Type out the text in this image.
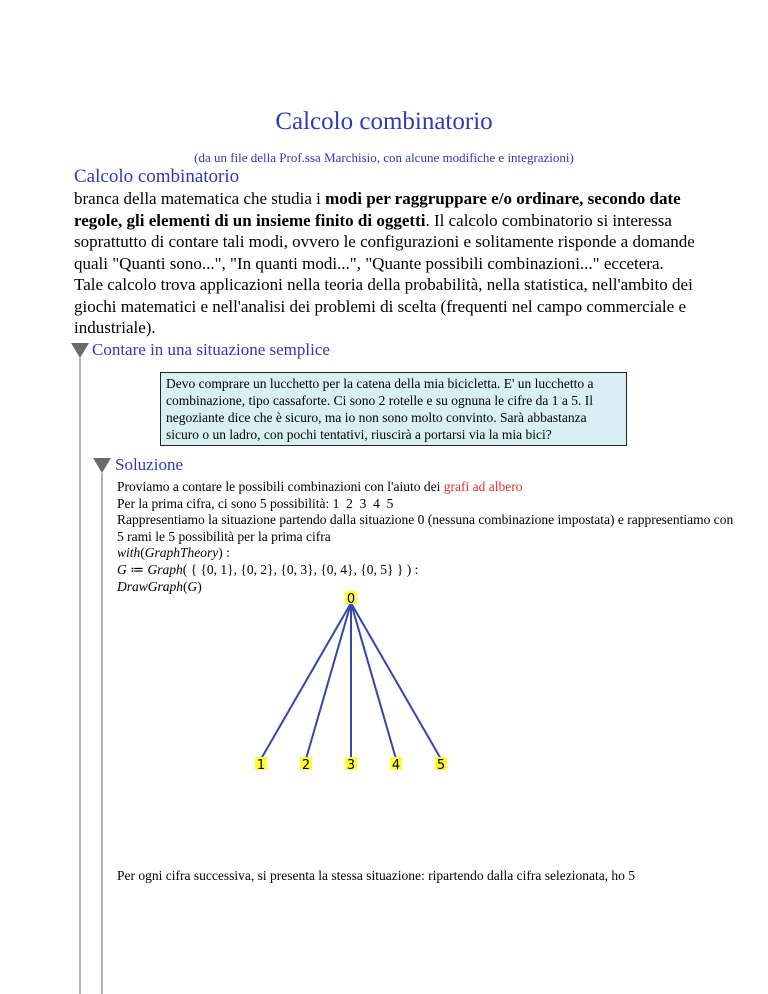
Calcolo combinatorio
(da un file della Prof.ssa Marchisio, con alcune modifiche e integrazioni)
Calcolo combinatorio
branca della matematica che studia i modi per raggruppare e/o ordinare, secondo date regole, gli elementi di un insieme finito di oggetti. Il calcolo combinatorio si interessa soprattutto di contare tali modi, ovvero le configurazioni e solitamente risponde a domande quali "Quanti sono...", "In quanti modi...", "Quante possibili combinazioni..." eccetera.
Tale calcolo trova applicazioni nella teoria della probabilità, nella statistica, nell'ambito dei giochi matematici e nell'analisi dei problemi di scelta (frequenti nel campo commerciale e industriale).
Contare in una situazione semplice
Devo comprare un lucchetto per la catena della mia bicicletta. E' un lucchetto a combinazione, tipo cassaforte. Ci sono 2 rotelle e su ognuna le cifre da 1 a 5. Il negoziante dice che è sicuro, ma io non sono molto convinto. Sarà abbastanza sicuro o un ladro, con pochi tentativi, riuscirà a portarsi via la mia bici?
Soluzione
Proviamo a contare le possibili combinazioni con l'aiuto dei grafi ad albero
Per la prima cifra, ci sono 5 possibilità: 1  2  3  4  5
Rappresentiamo la situazione partendo dalla situazione 0 (nessuna combinazione impostata) e rappresentiamo con 5 rami le 5 possibilità per la prima cifra
with(GraphTheory) :
G ≔ Graph( { {0, 1}, {0, 2}, {0, 3}, {0, 4}, {0, 5} } ) :
DrawGraph(G)
0
1	2	3	4	5
Per ogni cifra successiva, si presenta la stessa situazione: ripartendo dalla cifra selezionata, ho 5
